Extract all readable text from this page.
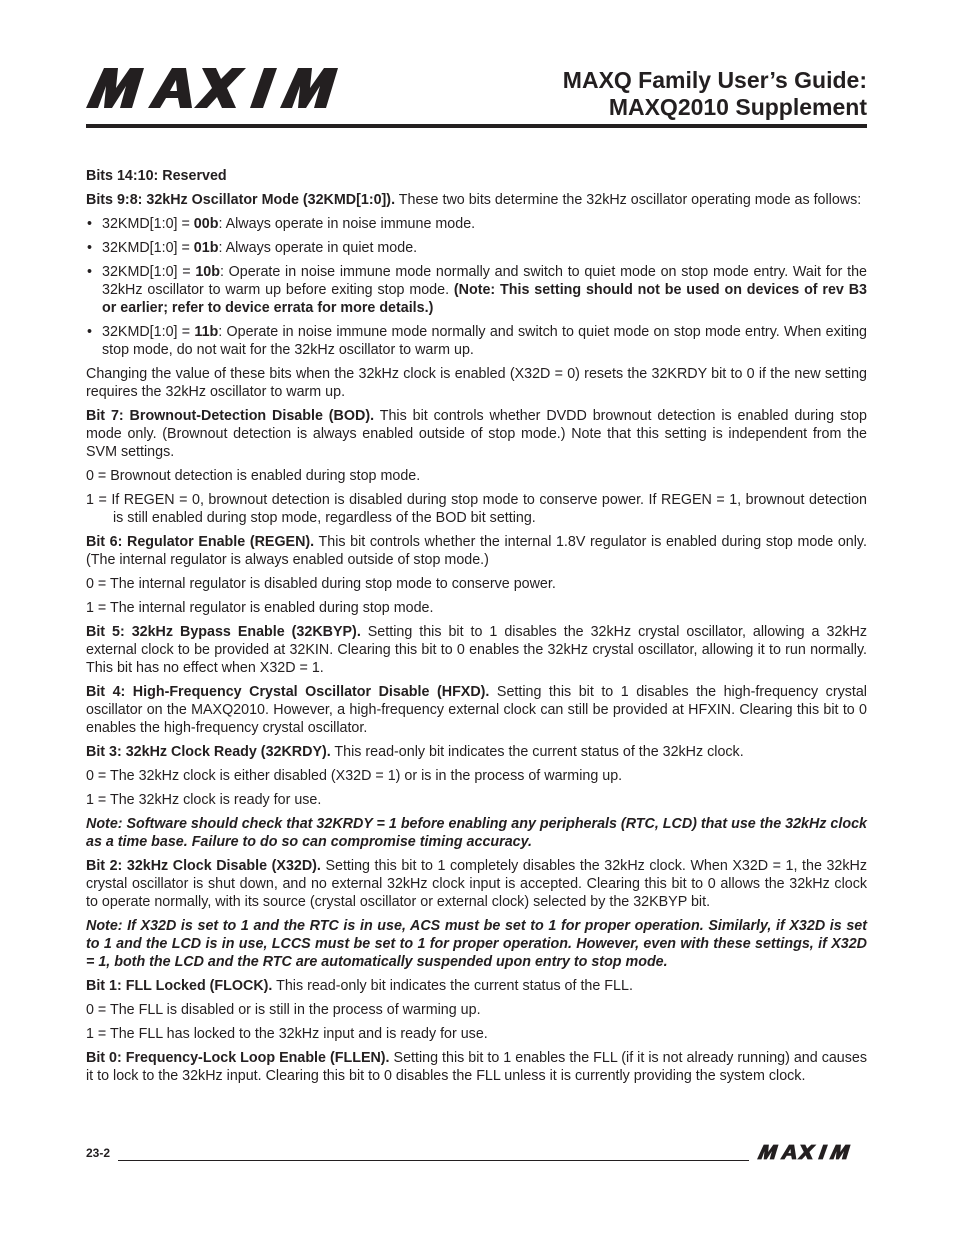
MAXQ Family User’s Guide:
MAXQ2010 Supplement

Bits 14:10: Reserved

Bits 9:8: 32kHz Oscillator Mode (32KMD[1:0]). These two bits determine the 32kHz oscillator operating mode as follows:

• 32KMD[1:0] = 00b: Always operate in noise immune mode.
• 32KMD[1:0] = 01b: Always operate in quiet mode.
• 32KMD[1:0] = 10b: Operate in noise immune mode normally and switch to quiet mode on stop mode entry. Wait for the 32kHz oscillator to warm up before exiting stop mode. (Note: This setting should not be used on devices of rev B3 or earlier; refer to device errata for more details.)
• 32KMD[1:0] = 11b: Operate in noise immune mode normally and switch to quiet mode on stop mode entry. When exiting stop mode, do not wait for the 32kHz oscillator to warm up.

Changing the value of these bits when the 32kHz clock is enabled (X32D = 0) resets the 32KRDY bit to 0 if the new setting requires the 32kHz oscillator to warm up.

Bit 7: Brownout-Detection Disable (BOD). This bit controls whether DVDD brownout detection is enabled during stop mode only. (Brownout detection is always enabled outside of stop mode.) Note that this setting is independent from the SVM settings.

0 = Brownout detection is enabled during stop mode.

1 = If REGEN = 0, brownout detection is disabled during stop mode to conserve power. If REGEN = 1, brownout detection is still enabled during stop mode, regardless of the BOD bit setting.

Bit 6: Regulator Enable (REGEN). This bit controls whether the internal 1.8V regulator is enabled during stop mode only. (The internal regulator is always enabled outside of stop mode.)

0 = The internal regulator is disabled during stop mode to conserve power.

1 = The internal regulator is enabled during stop mode.

Bit 5: 32kHz Bypass Enable (32KBYP). Setting this bit to 1 disables the 32kHz crystal oscillator, allowing a 32kHz external clock to be provided at 32KIN. Clearing this bit to 0 enables the 32kHz crystal oscillator, allowing it to run normally. This bit has no effect when X32D = 1.

Bit 4: High-Frequency Crystal Oscillator Disable (HFXD). Setting this bit to 1 disables the high-frequency crystal oscillator on the MAXQ2010. However, a high-frequency external clock can still be provided at HFXIN. Clearing this bit to 0 enables the high-frequency crystal oscillator.

Bit 3: 32kHz Clock Ready (32KRDY). This read-only bit indicates the current status of the 32kHz clock.

0 = The 32kHz clock is either disabled (X32D = 1) or is in the process of warming up.

1 = The 32kHz clock is ready for use.

Note: Software should check that 32KRDY = 1 before enabling any peripherals (RTC, LCD) that use the 32kHz clock as a time base. Failure to do so can compromise timing accuracy.

Bit 2: 32kHz Clock Disable (X32D). Setting this bit to 1 completely disables the 32kHz clock. When X32D = 1, the 32kHz crystal oscillator is shut down, and no external 32kHz clock input is accepted. Clearing this bit to 0 allows the 32kHz clock to operate normally, with its source (crystal oscillator or external clock) selected by the 32KBYP bit.

Note: If X32D is set to 1 and the RTC is in use, ACS must be set to 1 for proper operation. Similarly, if X32D is set to 1 and the LCD is in use, LCCS must be set to 1 for proper operation. However, even with these settings, if X32D = 1, both the LCD and the RTC are automatically suspended upon entry to stop mode.

Bit 1: FLL Locked (FLOCK). This read-only bit indicates the current status of the FLL.

0 = The FLL is disabled or is still in the process of warming up.

1 = The FLL has locked to the 32kHz input and is ready for use.

Bit 0: Frequency-Lock Loop Enable (FLLEN). Setting this bit to 1 enables the FLL (if it is not already running) and causes it to lock to the 32kHz input. Clearing this bit to 0 disables the FLL unless it is currently providing the system clock.

23-2
